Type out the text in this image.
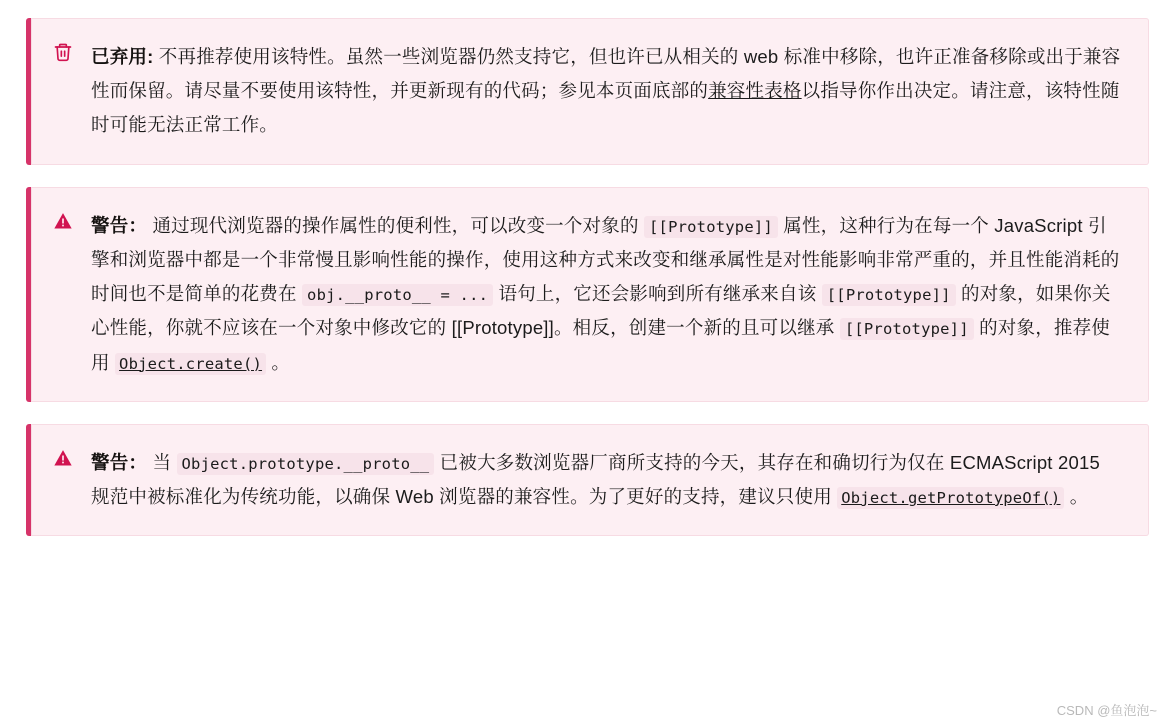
已弃用: 不再推荐使用该特性。虽然一些浏览器仍然支持它，但也许已从相关的 web 标准中移除，也许正准备移除或出于兼容性而保留。请尽量不要使用该特性，并更新现有的代码；参见本页面底部的兼容性表格以指导你作出决定。请注意，该特性随时可能无法正常工作。
警告： 通过现代浏览器的操作属性的便利性，可以改变一个对象的 [[Prototype]] 属性，这种行为在每一个 JavaScript 引擎和浏览器中都是一个非常慢且影响性能的操作，使用这种方式来改变和继承属性是对性能影响非常严重的，并且性能消耗的时间也不是简单的花费在 obj.__proto__ = ... 语句上，它还会影响到所有继承来自该 [[Prototype]] 的对象，如果你关心性能，你就不应该在一个对象中修改它的 [[Prototype]]。相反，创建一个新的且可以继承 [[Prototype]] 的对象，推荐使用 Object.create() 。
警告： 当 Object.prototype.__proto__ 已被大多数浏览器厂商所支持的今天，其存在和确切行为仅在 ECMAScript 2015 规范中被标准化为传统功能，以确保 Web 浏览器的兼容性。为了更好的支持，建议只使用 Object.getPrototypeOf() 。
CSDN @鱼泡泡~
